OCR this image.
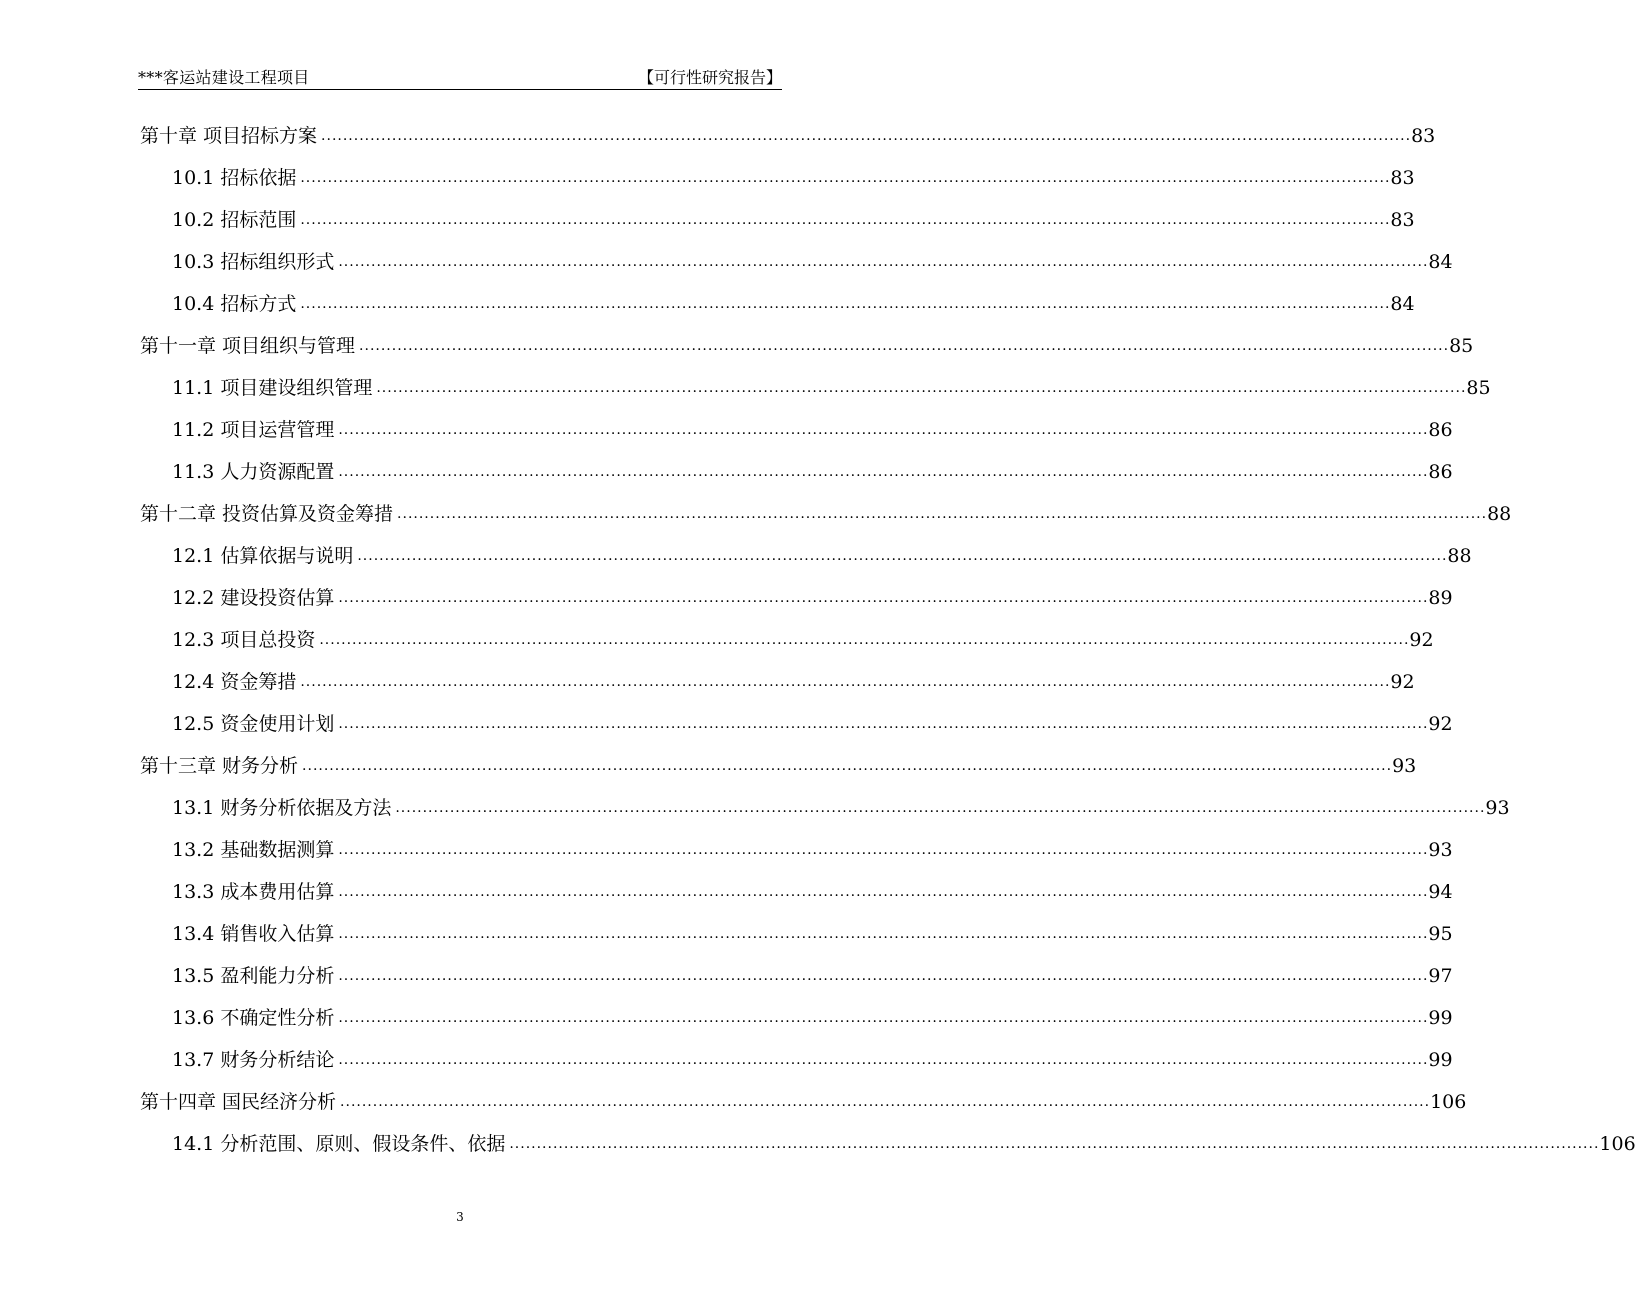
***客运站建设工程项目	【可行性研究报告】
第十章 项目招标方案 ........................................................................................................................................................................................................ 83
10.1 招标依据 ........................................................................................................................................................................................................ 83
10.2 招标范围 ........................................................................................................................................................................................................ 83
10.3 招标组织形式 ........................................................................................................................................................................................................ 84
10.4 招标方式 ........................................................................................................................................................................................................ 84
第十一章 项目组织与管理 ........................................................................................................................................................................................................ 85
11.1 项目建设组织管理 ........................................................................................................................................................................................................ 85
11.2 项目运营管理 ........................................................................................................................................................................................................ 86
11.3 人力资源配置 ........................................................................................................................................................................................................ 86
第十二章 投资估算及资金筹措 ........................................................................................................................................................................................................ 88
12.1 估算依据与说明 ........................................................................................................................................................................................................ 88
12.2 建设投资估算 ........................................................................................................................................................................................................ 89
12.3 项目总投资 ........................................................................................................................................................................................................ 92
12.4 资金筹措 ........................................................................................................................................................................................................ 92
12.5 资金使用计划 ........................................................................................................................................................................................................ 92
第十三章 财务分析 ........................................................................................................................................................................................................ 93
13.1 财务分析依据及方法 ........................................................................................................................................................................................................ 93
13.2 基础数据测算 ........................................................................................................................................................................................................ 93
13.3 成本费用估算 ........................................................................................................................................................................................................ 94
13.4 销售收入估算 ........................................................................................................................................................................................................ 95
13.5 盈利能力分析 ........................................................................................................................................................................................................ 97
13.6 不确定性分析 ........................................................................................................................................................................................................ 99
13.7 财务分析结论 ........................................................................................................................................................................................................ 99
第十四章 国民经济分析 ........................................................................................................................................................................................................ 106
14.1 分析范围、原则、假设条件、依据 ........................................................................................................................................................................................................ 106
3
